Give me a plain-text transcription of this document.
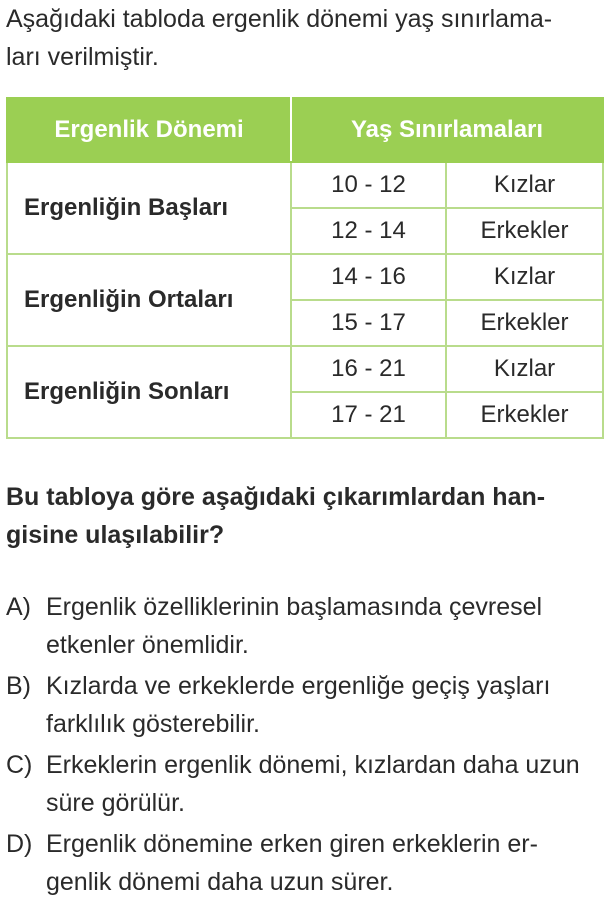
Aşağıdaki tabloda ergenlik dönemi yaş sınırlama-
ları verilmiştir.

Ergenlik Dönemi	Yaş Sınırlamaları	
Ergenliğin Başları	10 - 12	Kızlar
	12 - 14	Erkekler
Ergenliğin Ortaları	14 - 16	Kızlar
	15 - 17	Erkekler
Ergenliğin Sonları	16 - 21	Kızlar
	17 - 21	Erkekler

Bu tabloya göre aşağıdaki çıkarımlardan han-
gisine ulaşılabilir?

A) Ergenlik özelliklerinin başlamasında çevresel
etkenler önemlidir.
B) Kızlarda ve erkeklerde ergenliğe geçiş yaşları
farklılık gösterebilir.
C) Erkeklerin ergenlik dönemi, kızlardan daha uzun
süre görülür.
D) Ergenlik dönemine erken giren erkeklerin er-
genlik dönemi daha uzun sürer.
